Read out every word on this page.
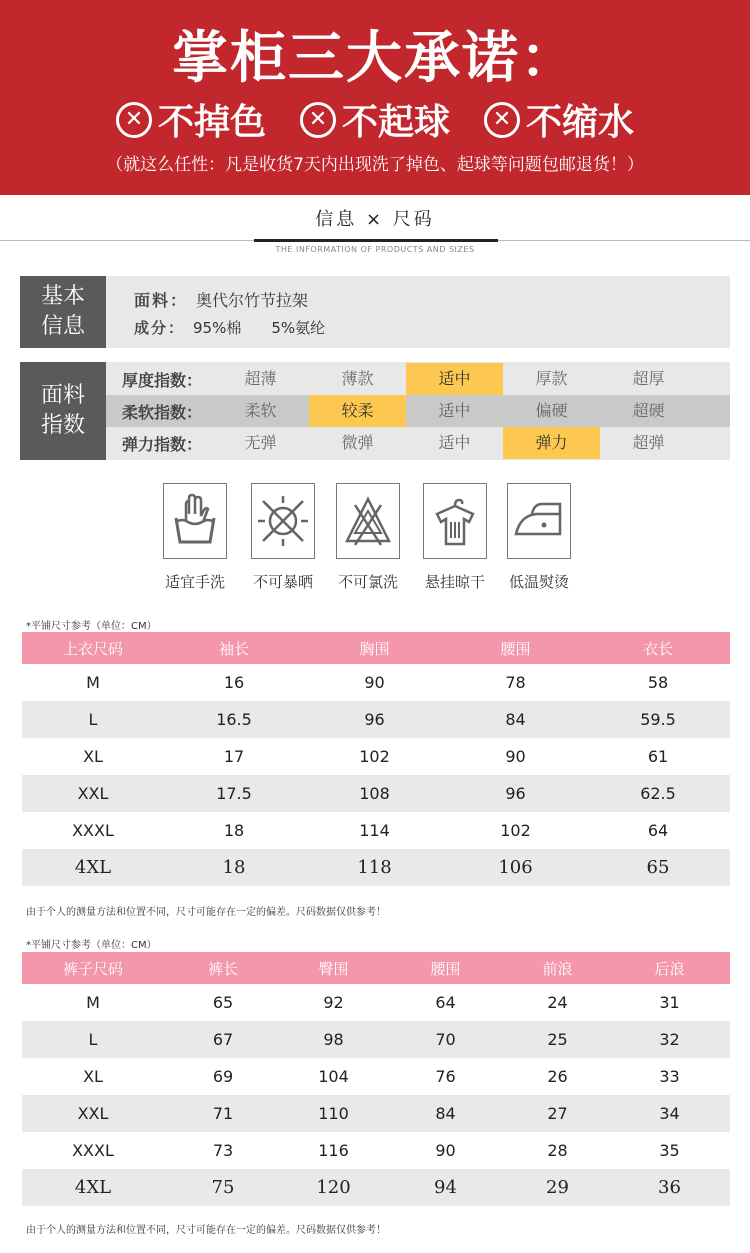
掌柜三大承诺：
✕ 不掉色	✕ 不起球	✕ 不缩水
（就这么任性：凡是收货7天内出现洗了掉色、起球等问题包邮退货！）
信息 × 尺码
THE INFORMATION OF PRODUCTS AND SIZES
基本
信息
面料： 奥代尔竹节拉架
成分： 95%棉　　5%氨纶
面料
指数
厚度指数：	超薄	薄款	适中	厚款	超厚
柔软指数：	柔软	较柔	适中	偏硬	超硬
弹力指数：	无弹	微弹	适中	弹力	超弹
适宜手洗	不可暴晒	不可氯洗	悬挂晾干	低温熨烫
*平铺尺寸参考（单位：CM）
上衣尺码	袖长	胸围	腰围	衣长
M	16	90	78	58
L	16.5	96	84	59.5
XL	17	102	90	61
XXL	17.5	108	96	62.5
XXXL	18	114	102	64
4XL	18	118	106	65
由于个人的测量方法和位置不同，尺寸可能存在一定的偏差。尺码数据仅供参考！
*平铺尺寸参考（单位：CM）
裤子尺码	裤长	臀围	腰围	前浪	后浪
M	65	92	64	24	31
L	67	98	70	25	32
XL	69	104	76	26	33
XXL	71	110	84	27	34
XXXL	73	116	90	28	35
4XL	75	120	94	29	36
由于个人的测量方法和位置不同，尺寸可能存在一定的偏差。尺码数据仅供参考！
